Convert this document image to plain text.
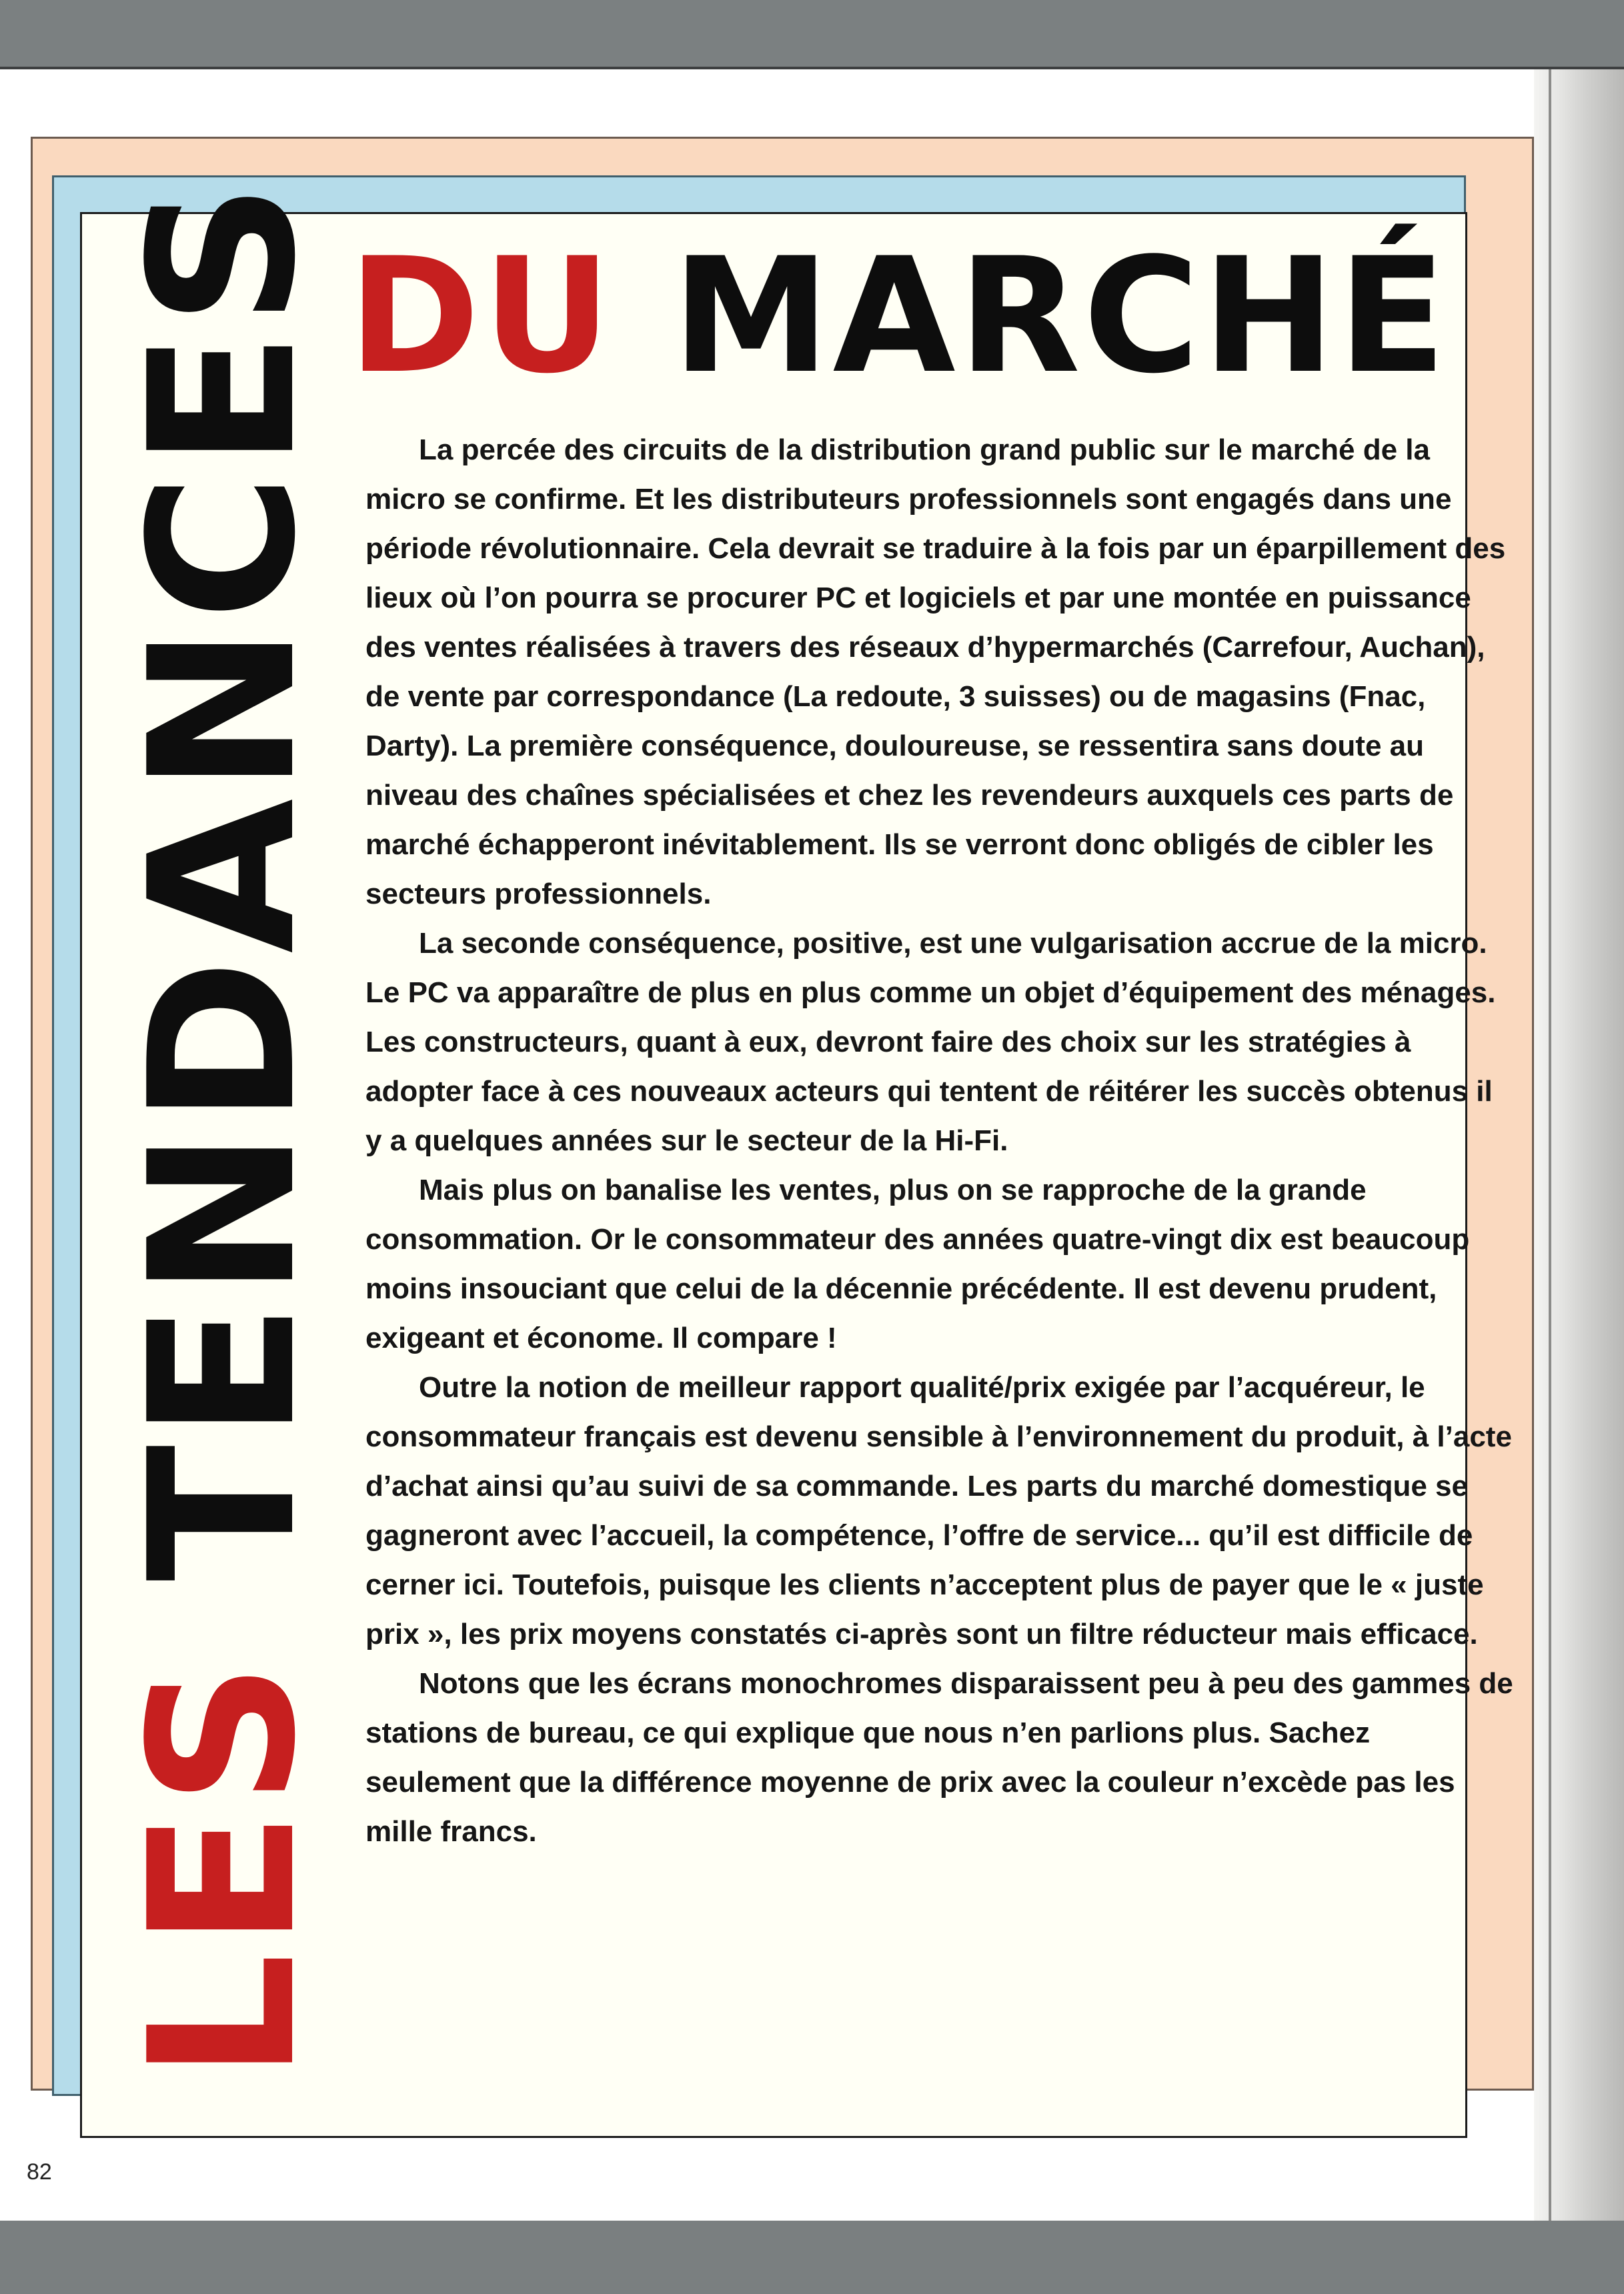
LES TENDANCES DU MARCHÉ

La percée des circuits de la distribution grand public sur le marché de la micro se confirme. Et les distributeurs professionnels sont engagés dans une période révolutionnaire. Cela devrait se traduire à la fois par un éparpillement des lieux où l’on pourra se procurer PC et logiciels et par une montée en puissance des ventes réalisées à travers des réseaux d’hypermarchés (Carrefour, Auchan), de vente par correspondance (La redoute, 3 suisses) ou de magasins (Fnac, Darty). La première conséquence, douloureuse, se ressentira sans doute au niveau des chaînes spécialisées et chez les revendeurs auxquels ces parts de marché échapperont inévitablement. Ils se verront donc obligés de cibler les secteurs professionnels.

La seconde conséquence, positive, est une vulgarisation accrue de la micro. Le PC va apparaître de plus en plus comme un objet d’équipement des ménages. Les constructeurs, quant à eux, devront faire des choix sur les stratégies à adopter face à ces nouveaux acteurs qui tentent de réitérer les succès obtenus il y a quelques années sur le secteur de la Hi-Fi.

Mais plus on banalise les ventes, plus on se rapproche de la grande consommation. Or le consommateur des années quatre-vingt dix est beaucoup moins insouciant que celui de la décennie précédente. Il est devenu prudent, exigeant et économe. Il compare !

Outre la notion de meilleur rapport qualité/prix exigée par l’acquéreur, le consommateur français est devenu sensible à l’environnement du produit, à l’acte d’achat ainsi qu’au suivi de sa commande. Les parts du marché domestique se gagneront avec l’accueil, la compétence, l’offre de service... qu’il est difficile de cerner ici. Toutefois, puisque les clients n’acceptent plus de payer que le « juste prix », les prix moyens constatés ci-après sont un filtre réducteur mais efficace.

Notons que les écrans monochromes disparaissent peu à peu des gammes de stations de bureau, ce qui explique que nous n’en parlions plus. Sachez seulement que la différence moyenne de prix avec la couleur n’excède pas les mille francs.

82
